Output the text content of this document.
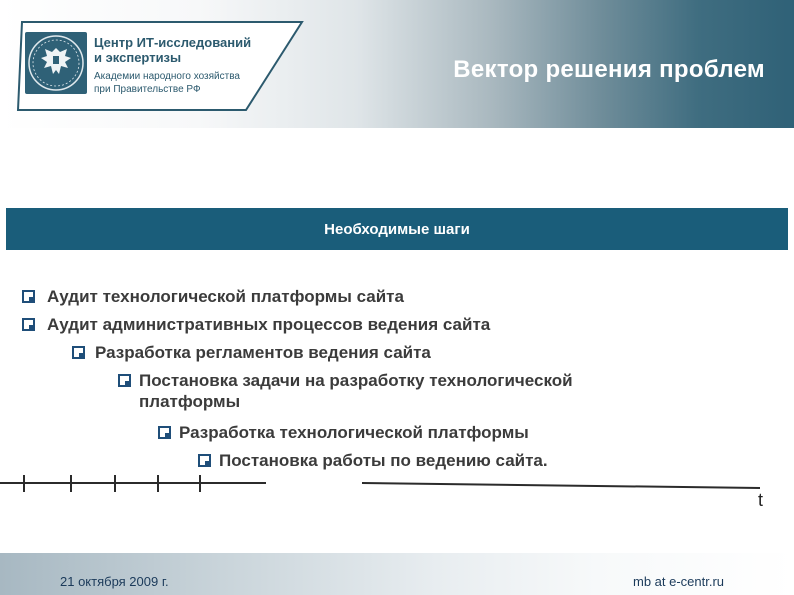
Центр ИТ-исследований
и экспертизы
Академии народного хозяйства
при Правительстве РФ
Вектор решения проблем
Необходимые шаги
Аудит технологической платформы сайта
Аудит административных процессов ведения сайта
Разработка регламентов ведения сайта
Постановка задачи на разработку технологической
платформы
Разработка технологической платформы
Постановка работы по ведению сайта.
t
21 октября 2009 г.	mb at e-centr.ru
